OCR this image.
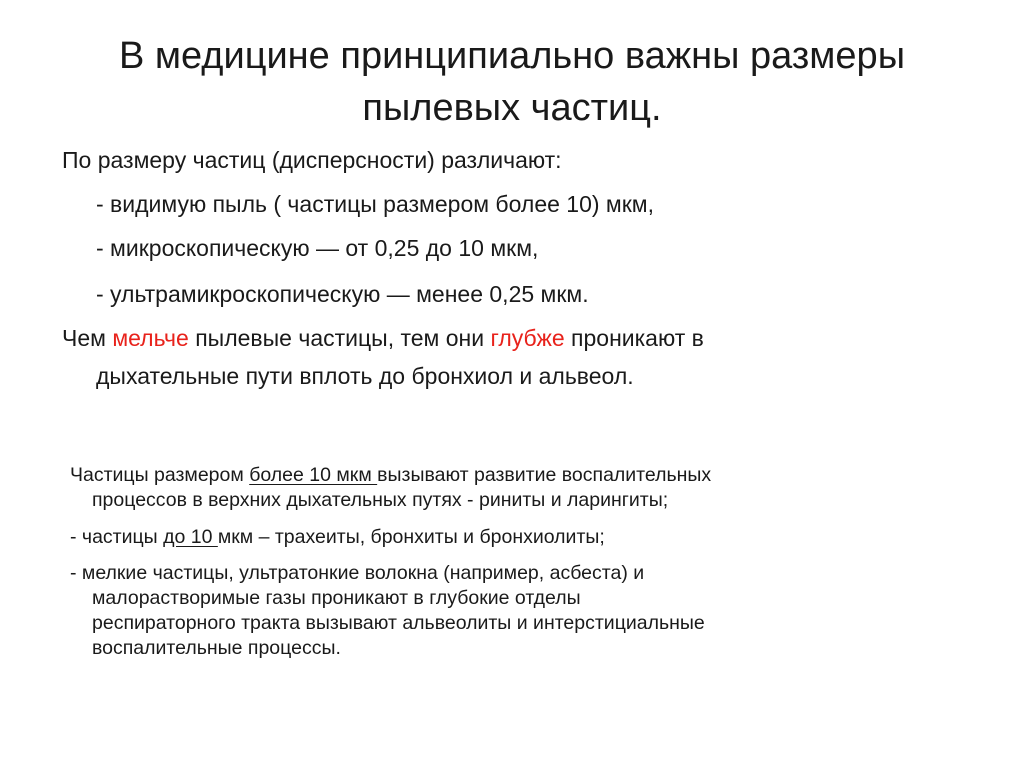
В медицине принципиально важны размеры
пылевых частиц.
По размеру частиц (дисперсности) различают:
- видимую пыль ( частицы размером более 10) мкм,
- микроскопическую — от 0,25 до 10 мкм,
- ультрамикроскопическую — менее 0,25 мкм.
Чем мельче пылевые частицы, тем они глубже проникают в
дыхательные пути вплоть до бронхиол и альвеол.
Частицы размером более 10 мкм вызывают развитие воспалительных
процессов в верхних дыхательных путях - риниты и ларингиты;
- частицы до 10 мкм – трахеиты, бронхиты и бронхиолиты;
- мелкие частицы, ультратонкие волокна (например, асбеста) и
малорастворимые газы проникают в глубокие отделы
респираторного тракта вызывают альвеолиты и интерстициальные
воспалительные процессы.
